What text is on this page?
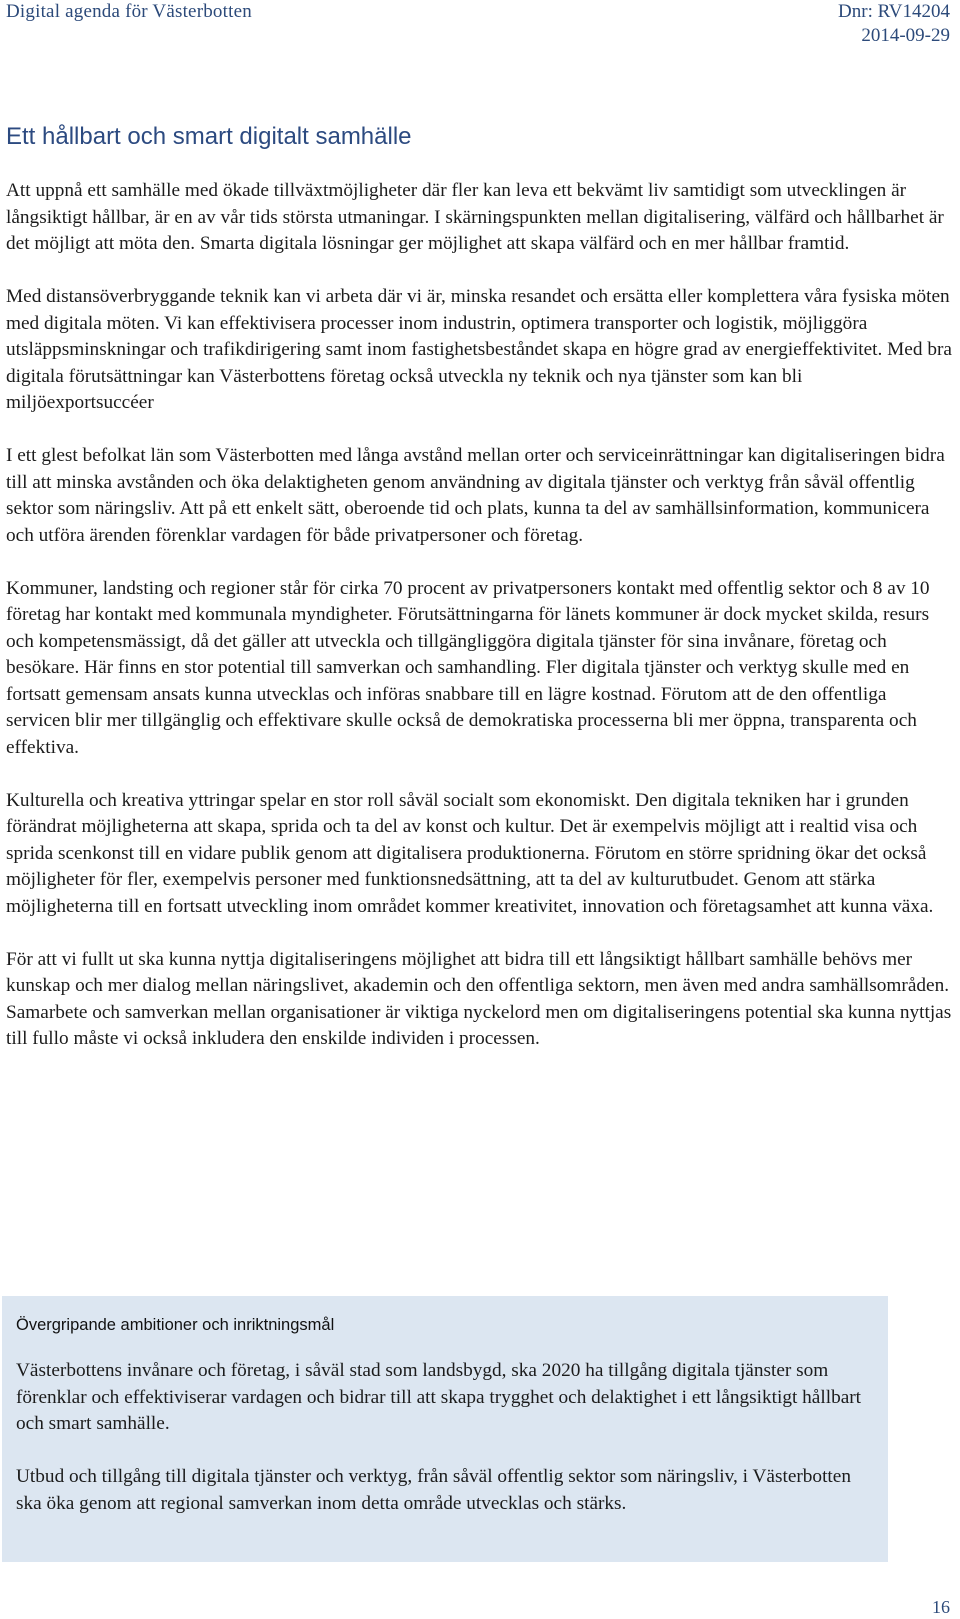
Digital agenda för Västerbotten	Dnr: RV14204
2014-09-29
Ett hållbart och smart digitalt samhälle

Att uppnå ett samhälle med ökade tillväxtmöjligheter där fler kan leva ett bekvämt liv samtidigt som utvecklingen är långsiktigt hållbar, är en av vår tids största utmaningar. I skärningspunkten mellan digitalisering, välfärd och hållbarhet är det möjligt att möta den. Smarta digitala lösningar ger möjlighet att skapa välfärd och en mer hållbar framtid.

Med distansöverbryggande teknik kan vi arbeta där vi är, minska resandet och ersätta eller komplettera våra fysiska möten med digitala möten. Vi kan effektivisera processer inom industrin, optimera transporter och logistik, möjliggöra utsläppsminskningar och trafikdirigering samt inom fastighetsbeståndet skapa en högre grad av energieffektivitet. Med bra digitala förutsättningar kan Västerbottens företag också utveckla ny teknik och nya tjänster som kan bli miljöexportsuccéer

I ett glest befolkat län som Västerbotten med långa avstånd mellan orter och serviceinrättningar kan digitaliseringen bidra till att minska avstånden och öka delaktigheten genom användning av digitala tjänster och verktyg från såväl offentlig sektor som näringsliv. Att på ett enkelt sätt, oberoende tid och plats, kunna ta del av samhällsinformation, kommunicera och utföra ärenden förenklar vardagen för både privatpersoner och företag.

Kommuner, landsting och regioner står för cirka 70 procent av privatpersoners kontakt med offentlig sektor och 8 av 10 företag har kontakt med kommunala myndigheter. Förutsättningarna för länets kommuner är dock mycket skilda, resurs och kompetensmässigt, då det gäller att utveckla och tillgängliggöra digitala tjänster för sina invånare, företag och besökare. Här finns en stor potential till samverkan och samhandling. Fler digitala tjänster och verktyg skulle med en fortsatt gemensam ansats kunna utvecklas och införas snabbare till en lägre kostnad. Förutom att de den offentliga servicen blir mer tillgänglig och effektivare skulle också de demokratiska processerna bli mer öppna, transparenta och effektiva.

Kulturella och kreativa yttringar spelar en stor roll såväl socialt som ekonomiskt. Den digitala tekniken har i grunden förändrat möjligheterna att skapa, sprida och ta del av konst och kultur. Det är exempelvis möjligt att i realtid visa och sprida scenkonst till en vidare publik genom att digitalisera produktionerna. Förutom en större spridning ökar det också möjligheter för fler, exempelvis personer med funktionsnedsättning, att ta del av kulturutbudet. Genom att stärka möjligheterna till en fortsatt utveckling inom området kommer kreativitet, innovation och företagsamhet att kunna växa.

För att vi fullt ut ska kunna nyttja digitaliseringens möjlighet att bidra till ett långsiktigt hållbart samhälle behövs mer kunskap och mer dialog mellan näringslivet, akademin och den offentliga sektorn, men även med andra samhällsområden. Samarbete och samverkan mellan organisationer är viktiga nyckelord men om digitaliseringens potential ska kunna nyttjas till fullo måste vi också inkludera den enskilde individen i processen.

Övergripande ambitioner och inriktningsmål

Västerbottens invånare och företag, i såväl stad som landsbygd, ska 2020 ha tillgång digitala tjänster som förenklar och effektiviserar vardagen och bidrar till att skapa trygghet och delaktighet i ett långsiktigt hållbart och smart samhälle.

Utbud och tillgång till digitala tjänster och verktyg, från såväl offentlig sektor som näringsliv, i Västerbotten ska öka genom att regional samverkan inom detta område utvecklas och stärks.

16
